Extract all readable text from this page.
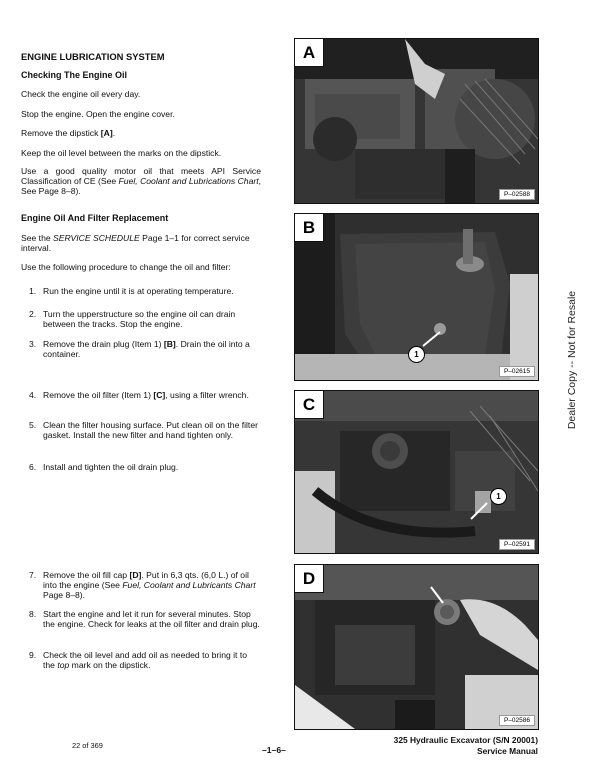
ENGINE LUBRICATION SYSTEM
Checking The Engine Oil
Check the engine oil every day.
Stop the engine. Open the engine cover.
Remove the dipstick [A].
Keep the oil level between the marks on the dipstick.
Use a good quality motor oil that meets API Service Classification of CE (See Fuel, Coolant and Lubrications Chart, See Page 8–8).
Engine Oil And Filter Replacement
See the SERVICE SCHEDULE Page 1–1 for correct service interval.
Use the following procedure to change the oil and filter:
1. Run the engine until it is at operating temperature.
2. Turn the upperstructure so the engine oil can drain between the tracks. Stop the engine.
3. Remove the drain plug (Item 1) [B]. Drain the oil into a container.
4. Remove the oil filter (Item 1) [C], using a filter wrench.
5. Clean the filter housing surface. Put clean oil on the filter gasket. Install the new filter and hand tighten only.
6. Install and tighten the oil drain plug.
7. Remove the oil fill cap [D]. Put in 6,3 qts. (6,0 L.) of oil into the engine (See Fuel, Coolant and Lubricants Chart Page 8–8).
8. Start the engine and let it run for several minutes. Stop the engine. Check for leaks at the oil filter and drain plug.
9. Check the oil level and add oil as needed to bring it to the top mark on the dipstick.
A
P–02588
B
1
P–02615
C
1
P–02591
D
P–02586
Dealer Copy -- Not for Resale
22 of 369	–1–6–
325 Hydraulic Excavator (S/N 20001)
Service Manual
